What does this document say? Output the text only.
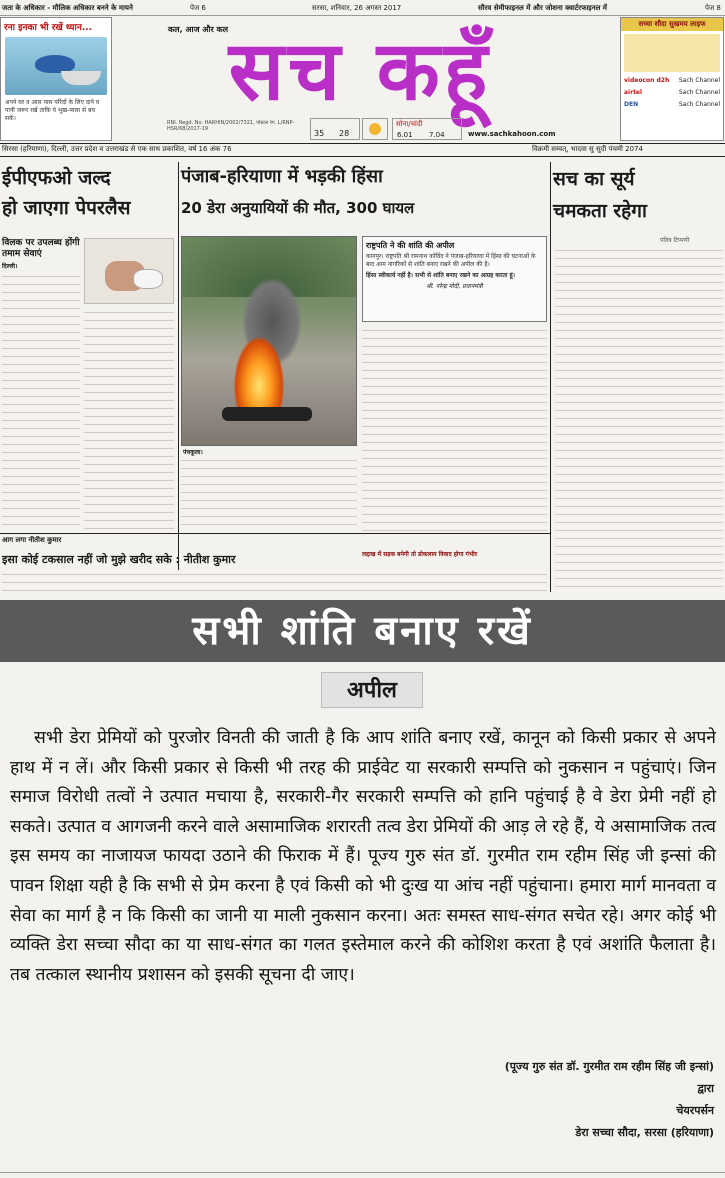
जता के अधिकार - मौलिक अधिकार बनने के मायने	पेज 6	सरसा, शनिवार, 26 अगस्त 2017	सौरव सेमीफाइनल में और जोशना क्वार्टरफाइनल में	पेज 8
रना इनका भी रखें ध्यान...
अपने घर व आस पास परिंदों के लिए दाने व पानी जरूर रखें ताकि ये भूख-प्यास से बच सकें।
कल, आज और कल सच कहूँ
RNI. Regd. No. HARHIN/2002/7321, पोस्टल रेग. L/RNP-HSR/68/2017-19	35 28
सोना/चांदी
6.01 7.04	www.sachkahoon.com
सच्चा सौदा सुखमय लाइफ
videocon d2h Sach Channel
airtel	Sach Channel
DEN	Sach Channel
सिरसा (हरियाणा), दिल्ली, उत्तर प्रदेश व उत्तराखंड से एक साथ प्रकाशित, वर्ष 16 अंक 76	विक्रमी सम्वत्, भादवा सु सुदी पंचमी 2074
ईपीएफओ जल्द
हो जाएगा पेपरलैस
पंजाब-हरियाणा में भड़की हिंसा
20 डेरा अनुयायियों की मौत, 300 घायल
सच का सूर्य
चमकता रहेगा
पवित्र टिप्पणी
विलक पर उपलब्ध होंगी तमाम सेवाएं
दिल्ली।
पंचकूला।
राष्ट्रपति ने की शांति की अपील
कानपुर। राष्ट्रपति श्री रामनाथ कोविंद ने पंजाब-हरियाणा में हिंसा की घटनाओं के बाद आम नागरिकों से शांति बनाए रखने की अपील की है।
हिंसा स्वीकार्य नहीं है। सभी से शांति बनाए रखने का आग्रह करता हूं।
श्री. नरेन्द्र मोदी, प्रधानमंत्री
आग लगा नीतीश कुमार
इसा कोई टकसाल नहीं जो मुझे खरीद सके : नीतीश कुमार	लद्दाख में सड़क बनेगी तो डोकलाम विवाद होगा गंभीर
सभी शांति बनाए रखें
अपील
सभी डेरा प्रेमियों को पुरजोर विनती की जाती है कि आप शांति बनाए रखें, कानून को किसी प्रकार से अपने हाथ में न लें। और किसी प्रकार से किसी भी तरह की प्राईवेट या सरकारी सम्पत्ति को नुकसान न पहुंचाएं। जिन समाज विरोधी तत्वों ने उत्पात मचाया है, सरकारी-गैर सरकारी सम्पत्ति को हानि पहुंचाई है वे डेरा प्रेमी नहीं हो सकते। उत्पात व आगजनी करने वाले असामाजिक शरारती तत्व डेरा प्रेमियों की आड़ ले रहे हैं, ये असामाजिक तत्व इस समय का नाजायज फायदा उठाने की फिराक में हैं। पूज्य गुरु संत डॉ. गुरमीत राम रहीम सिंह जी इन्सां की पावन शिक्षा यही है कि सभी से प्रेम करना है एवं किसी को भी दुःख या आंच नहीं पहुंचाना। हमारा मार्ग मानवता व सेवा का मार्ग है न कि किसी का जानी या माली नुकसान करना। अतः समस्त साध-संगत सचेत रहे। अगर कोई भी व्यक्ति डेरा सच्चा सौदा का या साध-संगत का गलत इस्तेमाल करने की कोशिश करता है एवं अशांति फैलाता है। तब तत्काल स्थानीय प्रशासन को इसकी सूचना दी जाए।
(पूज्य गुरु संत डॉ. गुरमीत राम रहीम सिंह जी इन्सां)
द्वारा
चेयरपर्सन
डेरा सच्चा सौदा, सरसा (हरियाणा)
